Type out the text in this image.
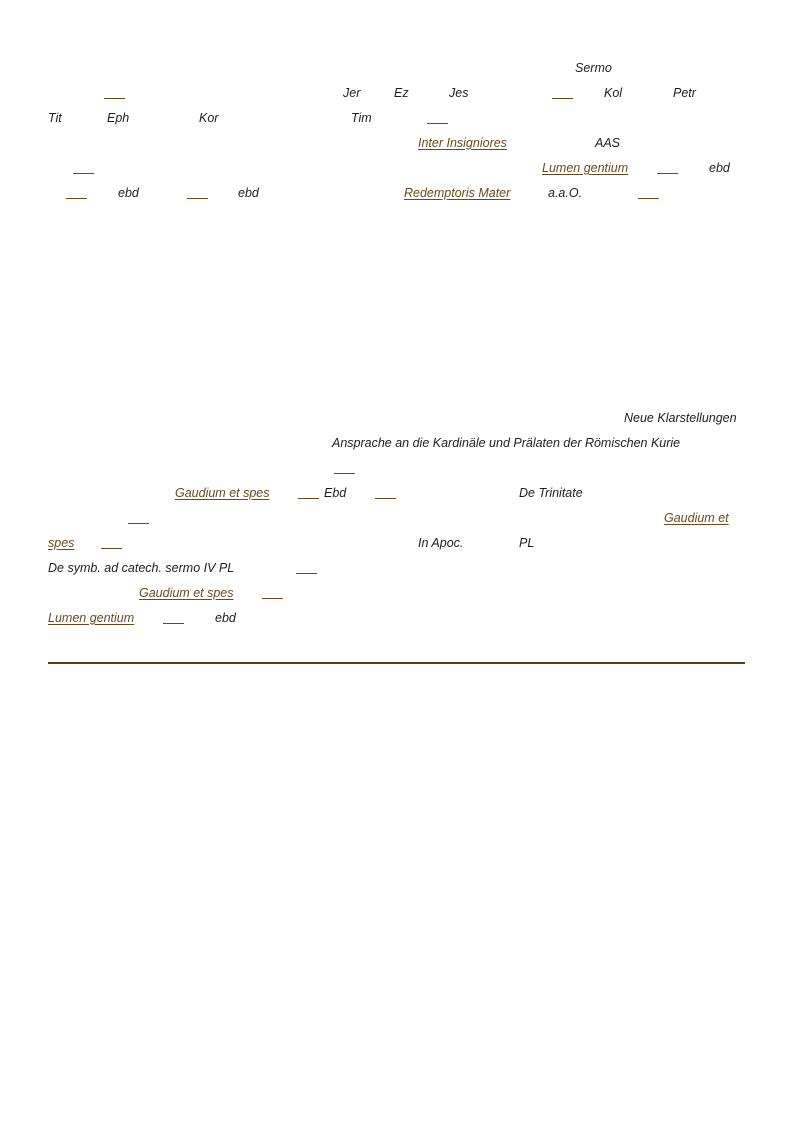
Sermo
Jer	Ez	Jes	Kol	Petr
Tit	Eph	Kor	Tim
Inter Insigniores	AAS
Lumen gentium	ebd
ebd	ebd	Redemptoris Mater	a.a.O.
Neue Klarstellungen
Ansprache an die Kardinäle und Prälaten der Römischen Kurie
Gaudium et spes	Ebd	De Trinitate
Gaudium et
spes	In Apoc.	PL
De symb. ad catech. sermo IV PL
Gaudium et spes
Lumen gentium	ebd
